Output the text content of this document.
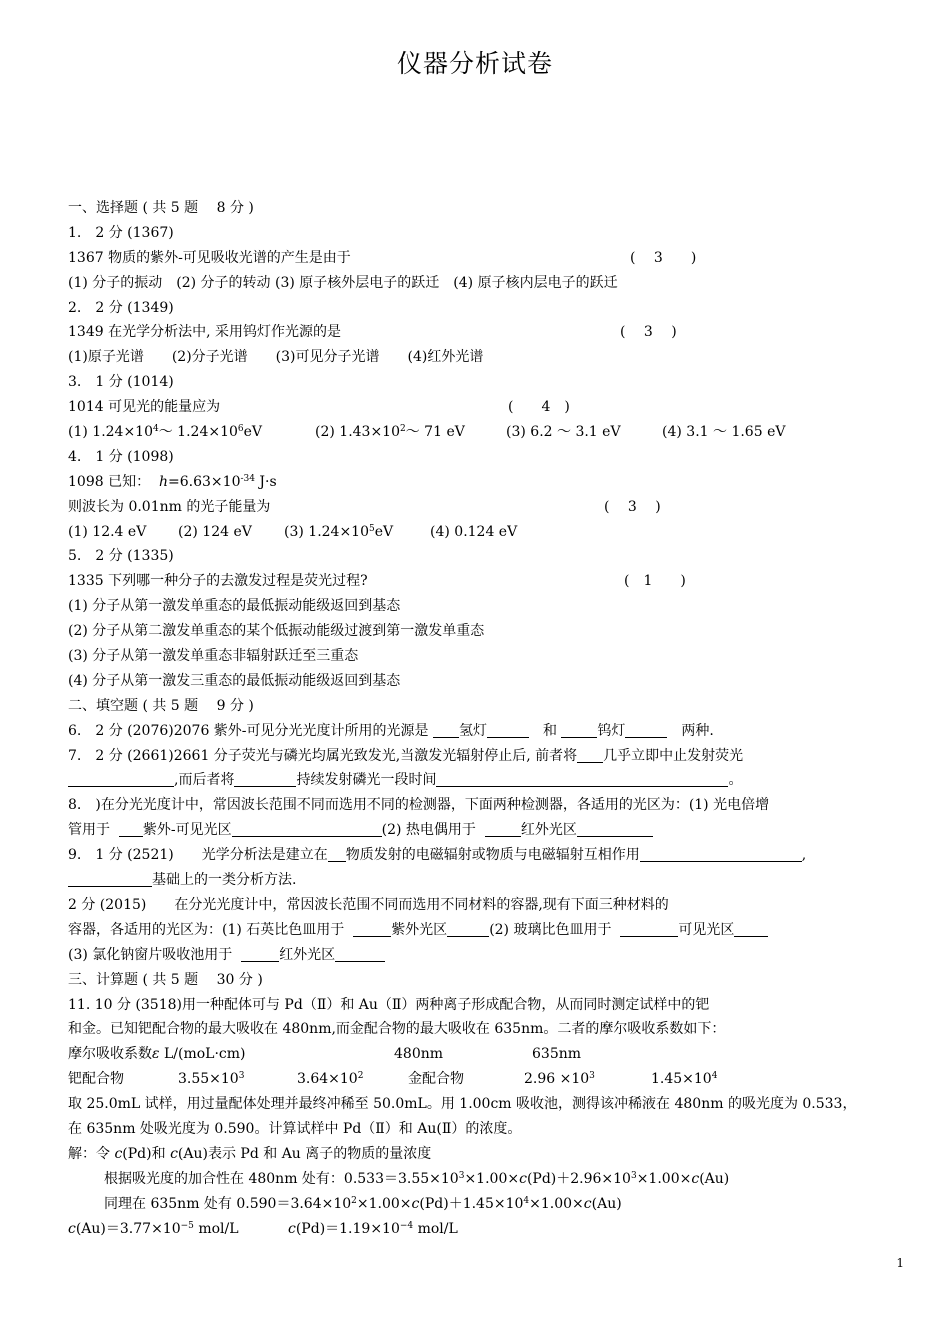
仪器分析试卷
一、选择题 ( 共 5 题　 8 分 )
1.　2 分 (1367)
1367 物质的紫外-可见吸收光谱的产生是由于	(　 3　　)
(1) 分子的振动　(2) 分子的转动 (3) 原子核外层电子的跃迁　(4) 原子核内层电子的跃迁
2.　2 分 (1349)
1349 在光学分析法中, 采用钨灯作光源的是	(　 3　 )
(1)原子光谱　　(2)分子光谱　　(3)可见分子光谱　　(4)红外光谱
3.　1 分 (1014)
1014 可见光的能量应为	(　　4　)
(1) $1.24\times 10^4\sim$ $1.24\times 10^6eV$	(2) $1.43\times 10^2\sim$ 71 eV	(3) 6.2 ～ 3.1 eV	(4) 3.1 ～ 1.65 eV
4.　1 分 (1098)
1098 已知： $h=6.63\times 10^{-34}$ J·s
则波长为 0.01nm 的光子能量为	(　 3　 )
(1) 12.4 eV (2) 124 eV (3) $1.24\times 10^5eV$	(4) 0.124 eV
5.　2 分 (1335)
1335 下列哪一种分子的去激发过程是荧光过程?	(　1　　)
(1) 分子从第一激发单重态的最低振动能级返回到基态
(2) 分子从第二激发单重态的某个低振动能级过渡到第一激发单重态
(3) 分子从第一激发单重态非辐射跃迁至三重态
(4) 分子从第一激发三重态的最低振动能级返回到基态
二、填空题 ( 共 5 题　 9 分 )
6.　2 分 (2076)2076 紫外-可见分光光度计所用的光源是 氢灯	　和	钨灯	　两种.
7.　2 分 (2661)2661 分子荧光与磷光均属光致发光,当激发光辐射停止后, 前者将 几乎立即中止发射荧光
,而后者将	持续发射磷光一段时间	。
8.　)在分光光度计中，常因波长范围不同而选用不同的检测器，下面两种检测器，各适用的光区为：(1) 光电倍增
管用于 紫外-可见光区	(2) 热电偶用于	红外光区
9.　1 分 (2521)　　光学分析法是建立在 物质发射的电磁辐射或物质与电磁辐射互相作用	,
基础上的一类分析方法.
2 分 (2015)　　在分光光度计中，常因波长范围不同而选用不同材料的容器,现有下面三种材料的
容器，各适用的光区为：(1) 石英比色皿用于	紫外光区	(2) 玻璃比色皿用于	可见光区
(3) 氯化钠窗片吸收池用于	红外光区
三、计算题 ( 共 5 题　 30 分 )
11. 10 分 (3518)用一种配体可与 Pd（Ⅱ）和 Au（Ⅱ）两种离子形成配合物，从而同时测定试样中的钯
和金。已知钯配合物的最大吸收在 480nm,而金配合物的最大吸收在 635nm。二者的摩尔吸收系数如下：
摩尔吸收系数ε L/(moL·cm)	480nm	635nm
钯配合物	$3.55\times 10^3$	$3.64\times 10^2$	金配合物	$2.96 \times 10^3$	$1.45\times 10^4$
取 25.0mL 试样，用过量配体处理并最终冲稀至 50.0mL。用 1.00cm 吸收池，测得该冲稀液在 480nm 的吸光度为 0.533，
在 635nm 处吸光度为 0.590。计算试样中 Pd（Ⅱ）和 Au(Ⅱ）的浓度。
解：令 c(Pd)和 c(Au)表示 Pd 和 Au 离子的物质的量浓度
根据吸光度的加合性在 480nm 处有：$0.533=3.55\times 10^3\times 1.00\times c(Pd)+2.96\times 10^3\times 1.00\times c(Au)$
同理在 635nm 处有 $0.590=3.64\times 10^2\times 1.00\times c(Pd)+1.45\times 10^4\times 1.00\times c(Au)$
$c(Au)=3.77\times 10^{-5}$ mol/L	$c(Pd)=1.19\times 10^{-4}$ mol/L
1
